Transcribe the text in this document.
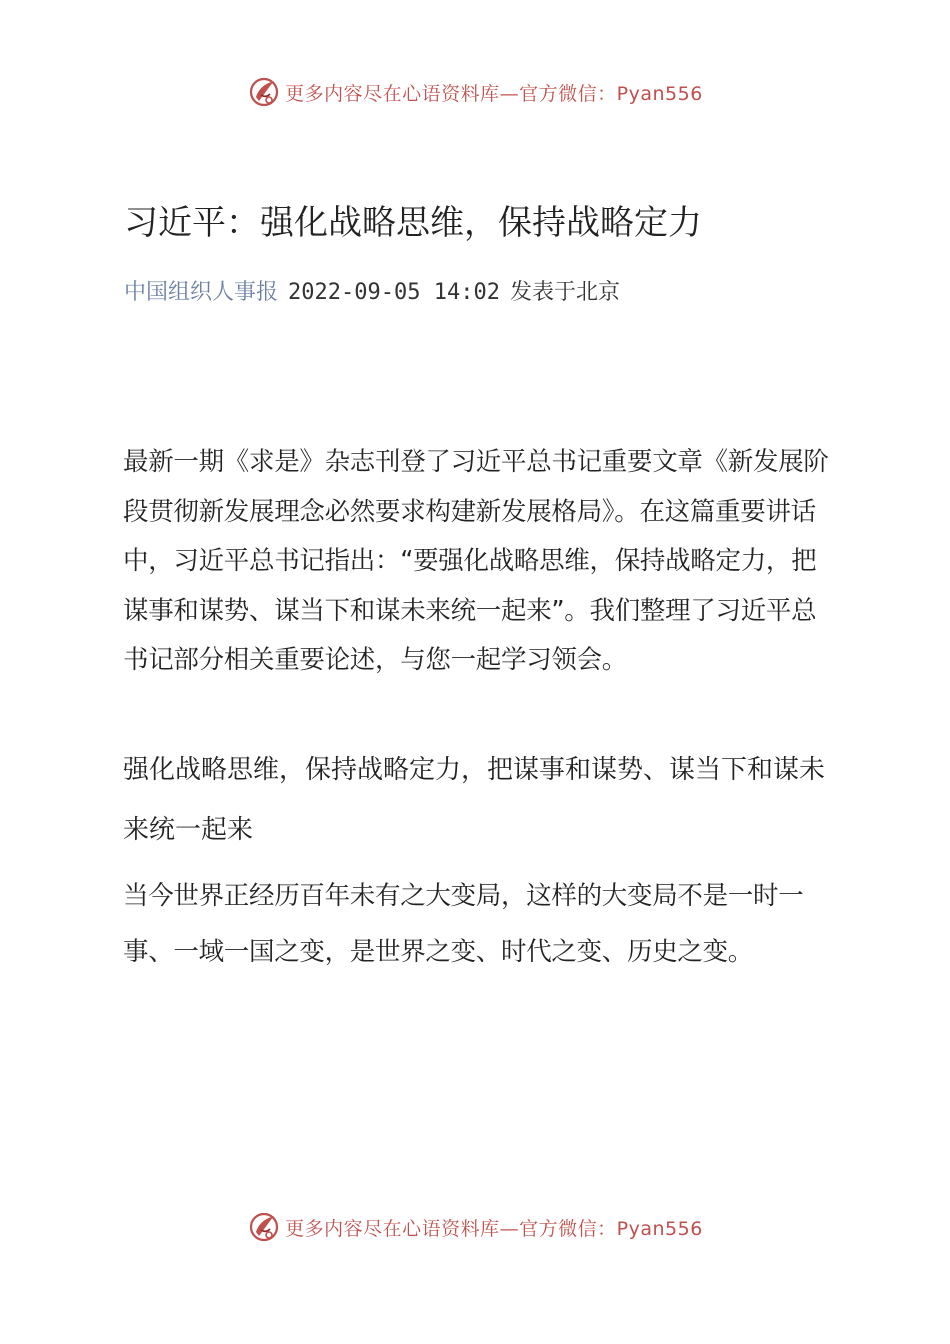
更多内容尽在心语资料库—官方微信：Pyan556
习近平：强化战略思维，保持战略定力
中国组织人事报 2022-09-05 14:02 发表于北京

最新一期《求是》杂志刊登了习近平总书记重要文章《新发展阶段贯彻新发展理念必然要求构建新发展格局》。在这篇重要讲话中，习近平总书记指出：“要强化战略思维，保持战略定力，把谋事和谋势、谋当下和谋未来统一起来”。我们整理了习近平总书记部分相关重要论述，与您一起学习领会。

强化战略思维，保持战略定力，把谋事和谋势、谋当下和谋未来统一起来

当今世界正经历百年未有之大变局，这样的大变局不是一时一事、一域一国之变，是世界之变、时代之变、历史之变。

更多内容尽在心语资料库—官方微信：Pyan556
